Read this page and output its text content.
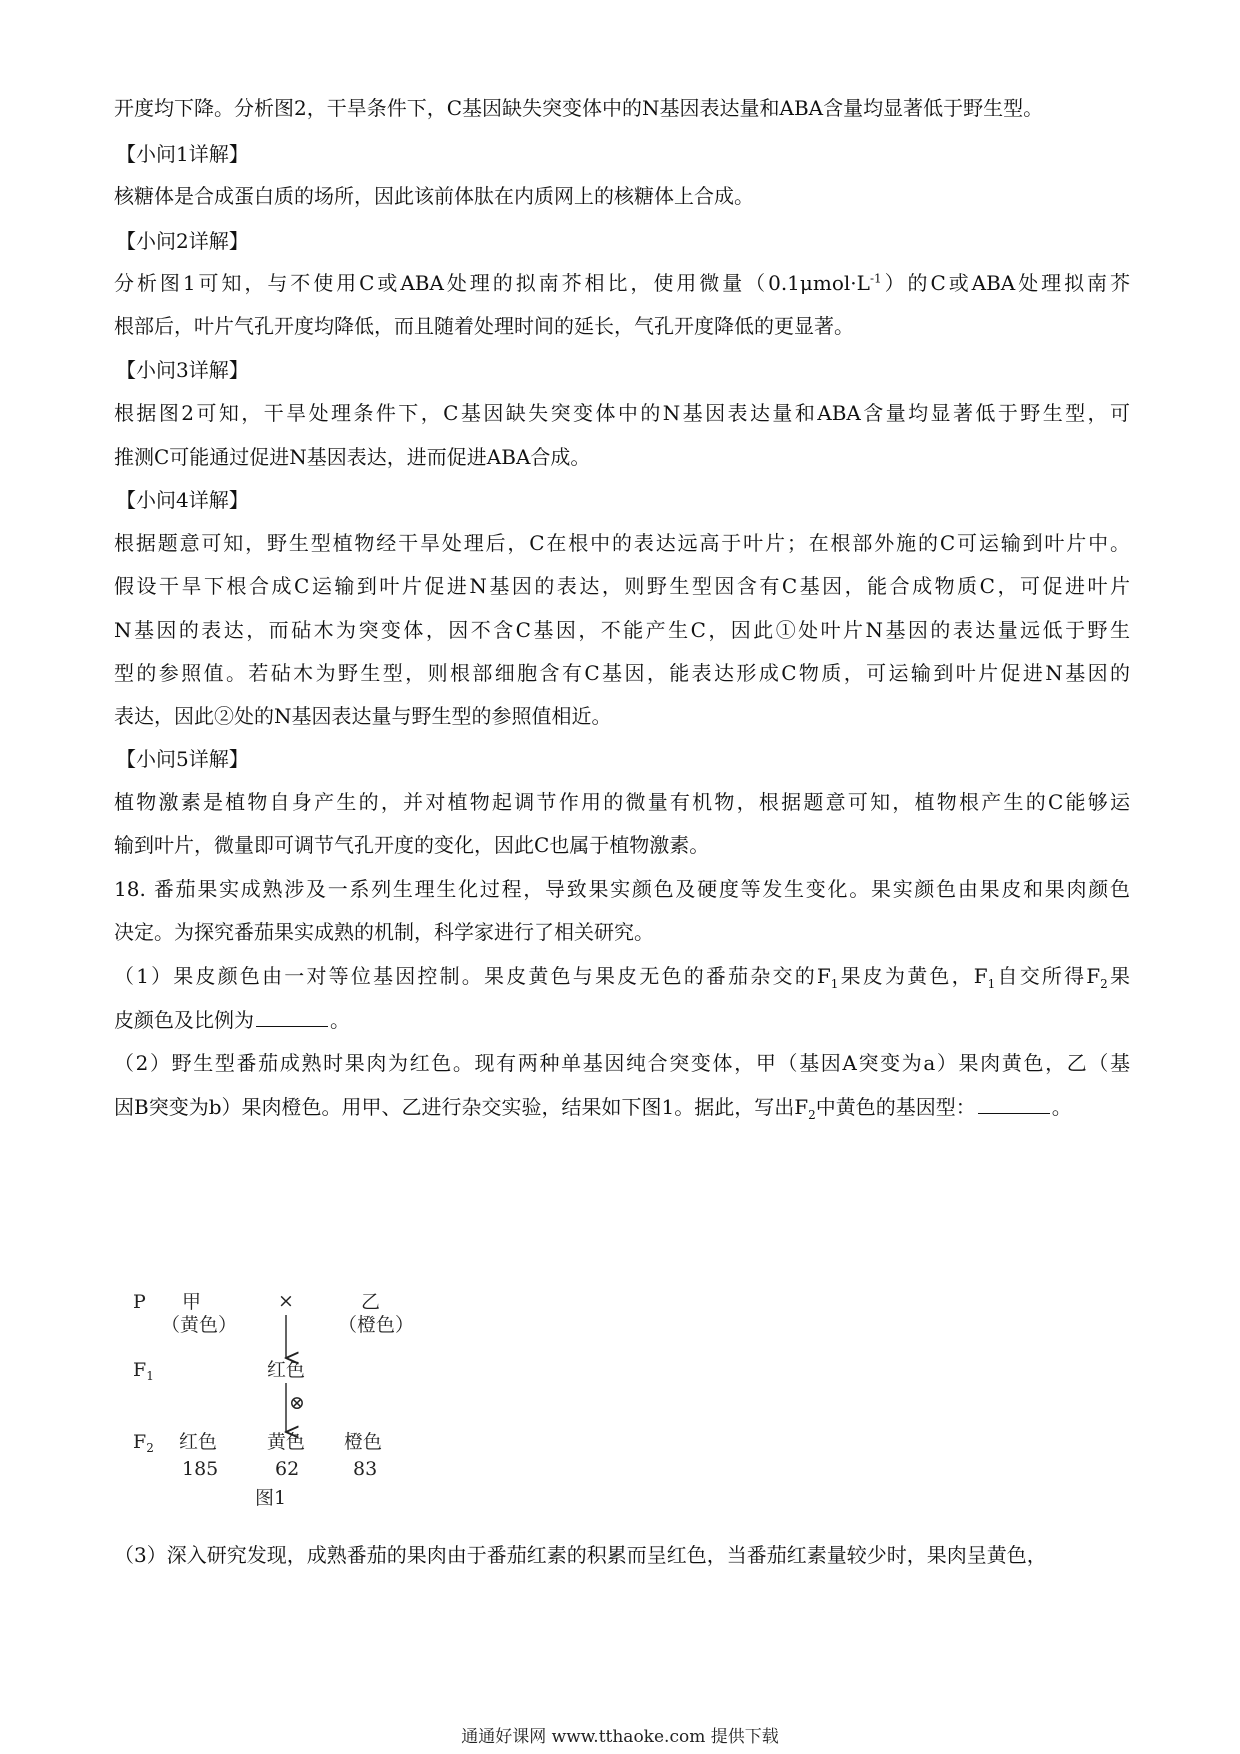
开度均下降。分析图2，干旱条件下，C基因缺失突变体中的N基因表达量和ABA含量均显著低于野生型。
【小问1详解】
核糖体是合成蛋白质的场所，因此该前体肽在内质网上的核糖体上合成。
【小问2详解】
分析图1可知，与不使用C或ABA处理的拟南芥相比，使用微量$(0.1\mu mol\cdot L^{-1})$的C或ABA处理拟南芥
根部后，叶片气孔开度均降低，而且随着处理时间的延长，气孔开度降低的更显著。
【小问3详解】
根据图2可知，干旱处理条件下，C基因缺失突变体中的N基因表达量和ABA含量均显著低于野生型，可
推测C可能通过促进N基因表达，进而促进ABA合成。
【小问4详解】
根据题意可知，野生型植物经干旱处理后，C在根中的表达远高于叶片；在根部外施的C可运输到叶片中。
假设干旱下根合成C运输到叶片促进N基因的表达，则野生型因含有C基因，能合成物质C，可促进叶片
N基因的表达，而砧木为突变体，因不含C基因，不能产生C，因此①处叶片N基因的表达量远低于野生
型的参照值。若砧木为野生型，则根部细胞含有C基因，能表达形成C物质，可运输到叶片促进N基因的
表达，因此②处的N基因表达量与野生型的参照值相近。
【小问5详解】
植物激素是植物自身产生的，并对植物起调节作用的微量有机物，根据题意可知，植物根产生的C能够运
输到叶片，微量即可调节气孔开度的变化，因此C也属于植物激素。
18. 番茄果实成熟涉及一系列生理生化过程，导致果实颜色及硬度等发生变化。果实颜色由果皮和果肉颜色
决定。为探究番茄果实成熟的机制，科学家进行了相关研究。
（1）果皮颜色由一对等位基因控制。果皮黄色与果皮无色的番茄杂交的$F_1$果皮为黄色，$F_1$自交所得$F_2$果
皮颜色及比例为	。
（2）野生型番茄成熟时果肉为红色。现有两种单基因纯合突变体，甲（基因A突变为a）果肉黄色，乙（基
因B突变为b）果肉橙色。用甲、乙进行杂交实验，结果如下图1。据此，写出$F_2$中黄色的基因型：	。
P 甲
（黄色）
×	乙
（橙色）
$F_1$	红色
⊗
$F_2$ 红色
185
黄色
62
橙色
83
图1
（3）深入研究发现，成熟番茄的果肉由于番茄红素的积累而呈红色，当番茄红素量较少时，果肉呈黄色，
通通好课网 www.tthaoke.com 提供下载
